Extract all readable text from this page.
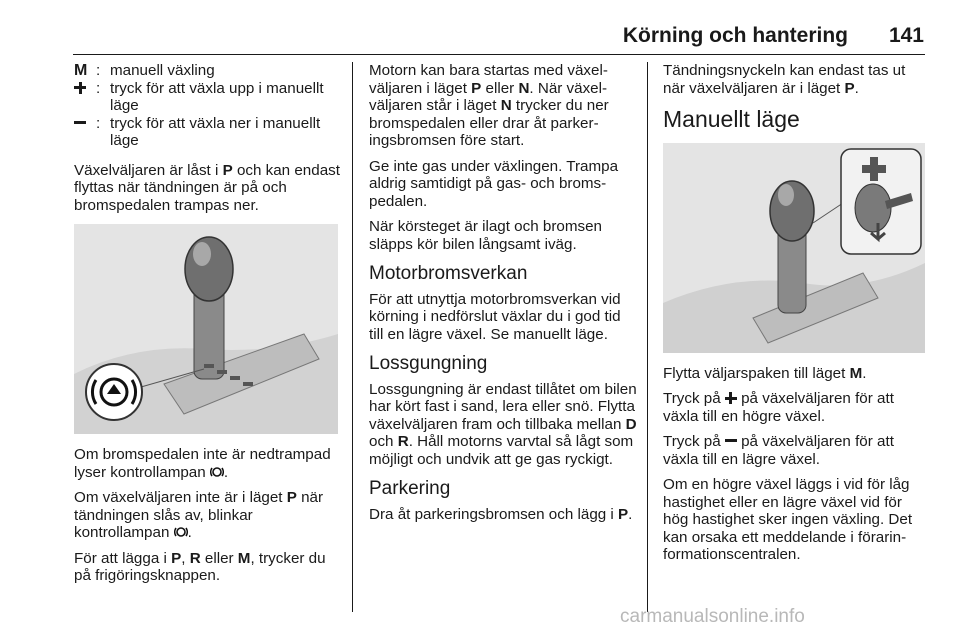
Körning och hantering 141
M : manuell växling
: tryck för att växla upp i manuellt läge
: tryck för att växla ner i manuellt läge

Växelväljaren är låst i P och kan endast flyttas när tändningen är på och bromspedalen trampas ner.

Om bromspedalen inte är nedtrampad lyser kontrollampan .

Om växelväljaren inte är i läget P när tändningen slås av, blinkar kontrollampan .

För att lägga i P, R eller M, trycker du på frigöringsknappen.

Motorn kan bara startas med växelväljaren i läget P eller N. När växelväljaren står i läget N trycker du ner bromspedalen eller drar åt parkeringsbromsen före start.

Ge inte gas under växlingen. Trampa aldrig samtidigt på gas- och bromspedalen.

När körsteget är ilagt och bromsen släpps kör bilen långsamt iväg.

Motorbromsverkan

För att utnyttja motorbromsverkan vid körning i nedförslut växlar du i god tid till en lägre växel. Se manuellt läge.

Lossgungning

Lossgungning är endast tillåtet om bilen har kört fast i sand, lera eller snö. Flytta växelväljaren fram och tillbaka mellan D och R. Håll motorns varvtal så lågt som möjligt och undvik att ge gas ryckigt.

Parkering

Dra åt parkeringsbromsen och lägg i P.

Tändningsnyckeln kan endast tas ut när växelväljaren är i läget P.

Manuellt läge

Flytta väljarspaken till läget M.

Tryck på  på växelväljaren för att växla till en högre växel.

Tryck på  på växelväljaren för att växla till en lägre växel.

Om en högre växel läggs i vid för låg hastighet eller en lägre växel vid för hög hastighet sker ingen växling. Det kan orsaka ett meddelande i förarinformationscentralen.

carmanualsonline.info
